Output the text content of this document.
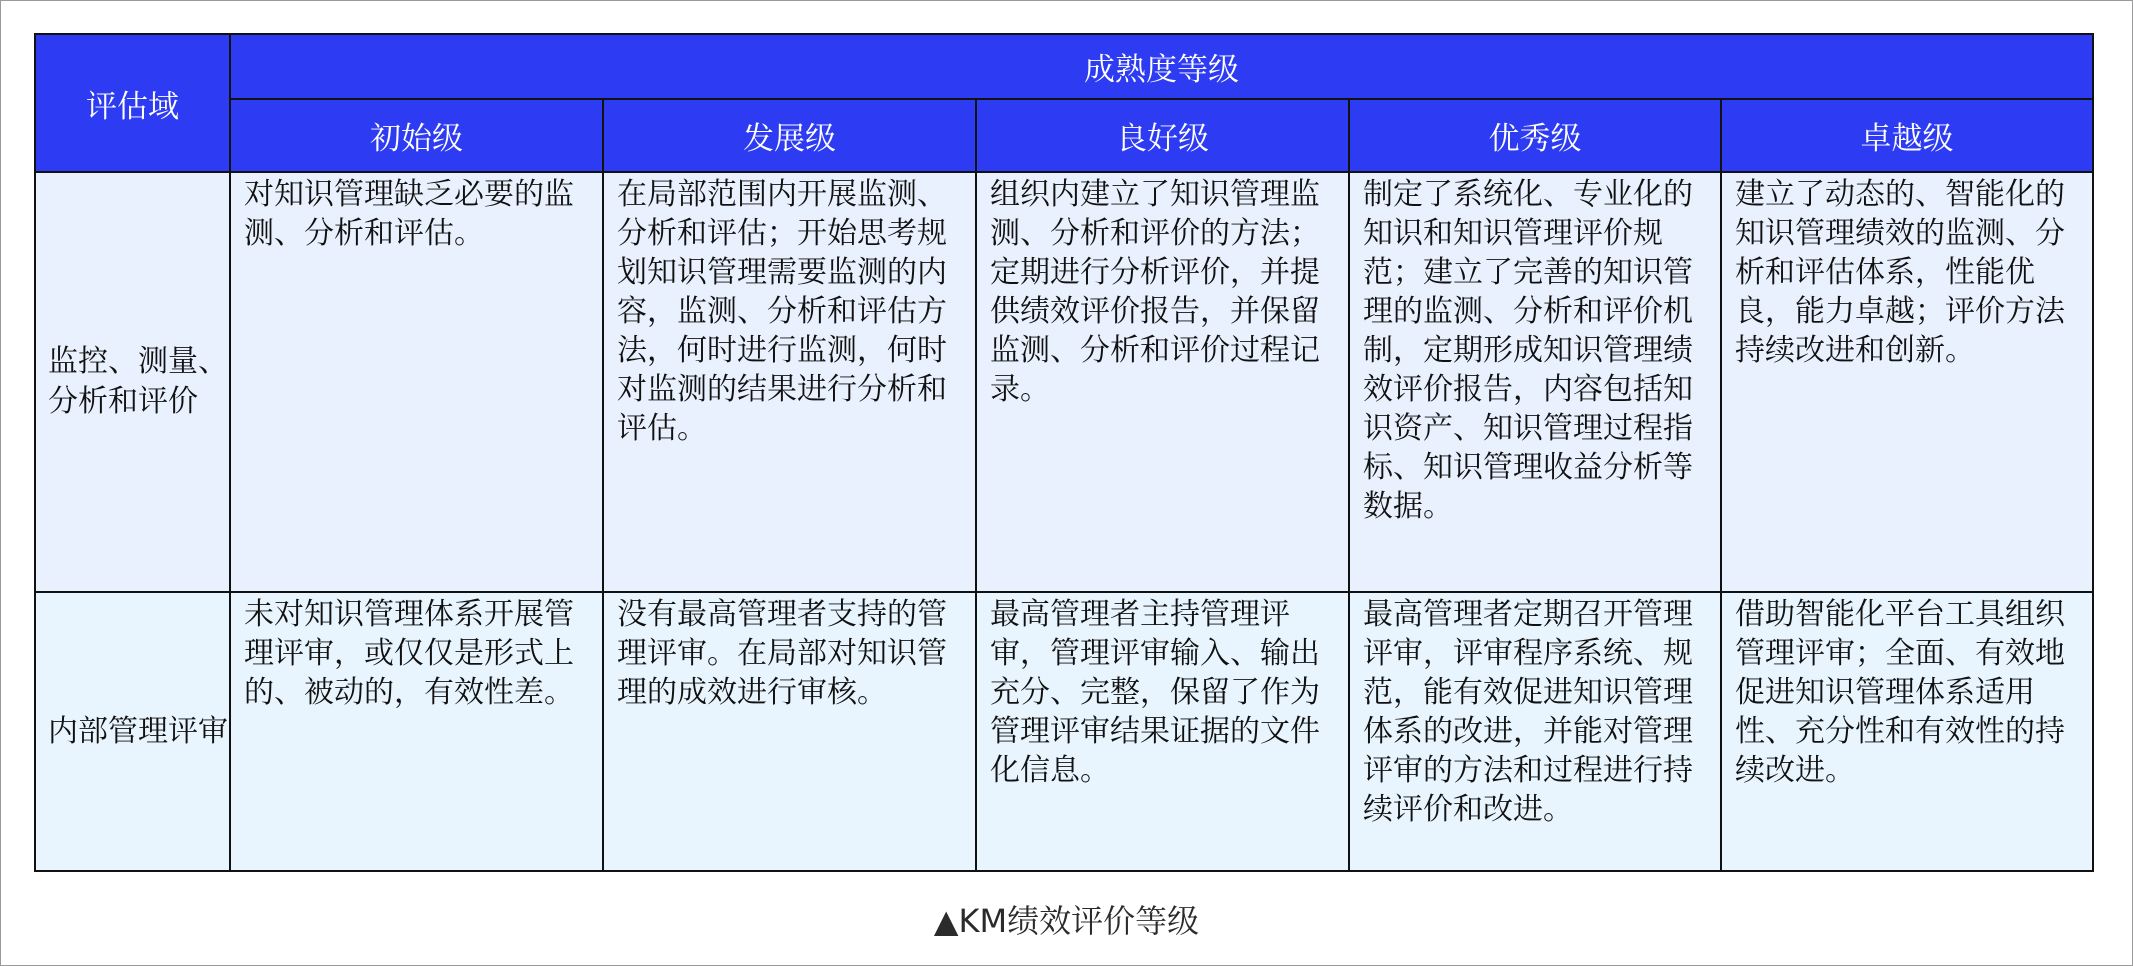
评估域	成熟度等级				
	初始级	发展级	良好级	优秀级	卓越级
监控、测量、分析和评价	对知识管理缺乏必要的监测、分析和评估。	在局部范围内开展监测、分析和评估；开始思考规划知识管理需要监测的内容，监测、分析和评估方法，何时进行监测，何时对监测的结果进行分析和评估。	组织内建立了知识管理监测、分析和评价的方法；定期进行分析评价，并提供绩效评价报告，并保留监测、分析和评价过程记录。	制定了系统化、专业化的知识和知识管理评价规范；建立了完善的知识管理的监测、分析和评价机制，定期形成知识管理绩效评价报告，内容包括知识资产、知识管理过程指标、知识管理收益分析等数据。	建立了动态的、智能化的知识管理绩效的监测、分析和评估体系，性能优良，能力卓越；评价方法持续改进和创新。
内部管理评审	未对知识管理体系开展管理评审，或仅仅是形式上的、被动的，有效性差。	没有最高管理者支持的管理评审。在局部对知识管理的成效进行审核。	最高管理者主持管理评审，管理评审输入、输出充分、完整，保留了作为管理评审结果证据的文件化信息。	最高管理者定期召开管理评审，评审程序系统、规范，能有效促进知识管理体系的改进，并能对管理评审的方法和过程进行持续评价和改进。	借助智能化平台工具组织管理评审；全面、有效地促进知识管理体系适用性、充分性和有效性的持续改进。
▲KM绩效评价等级
